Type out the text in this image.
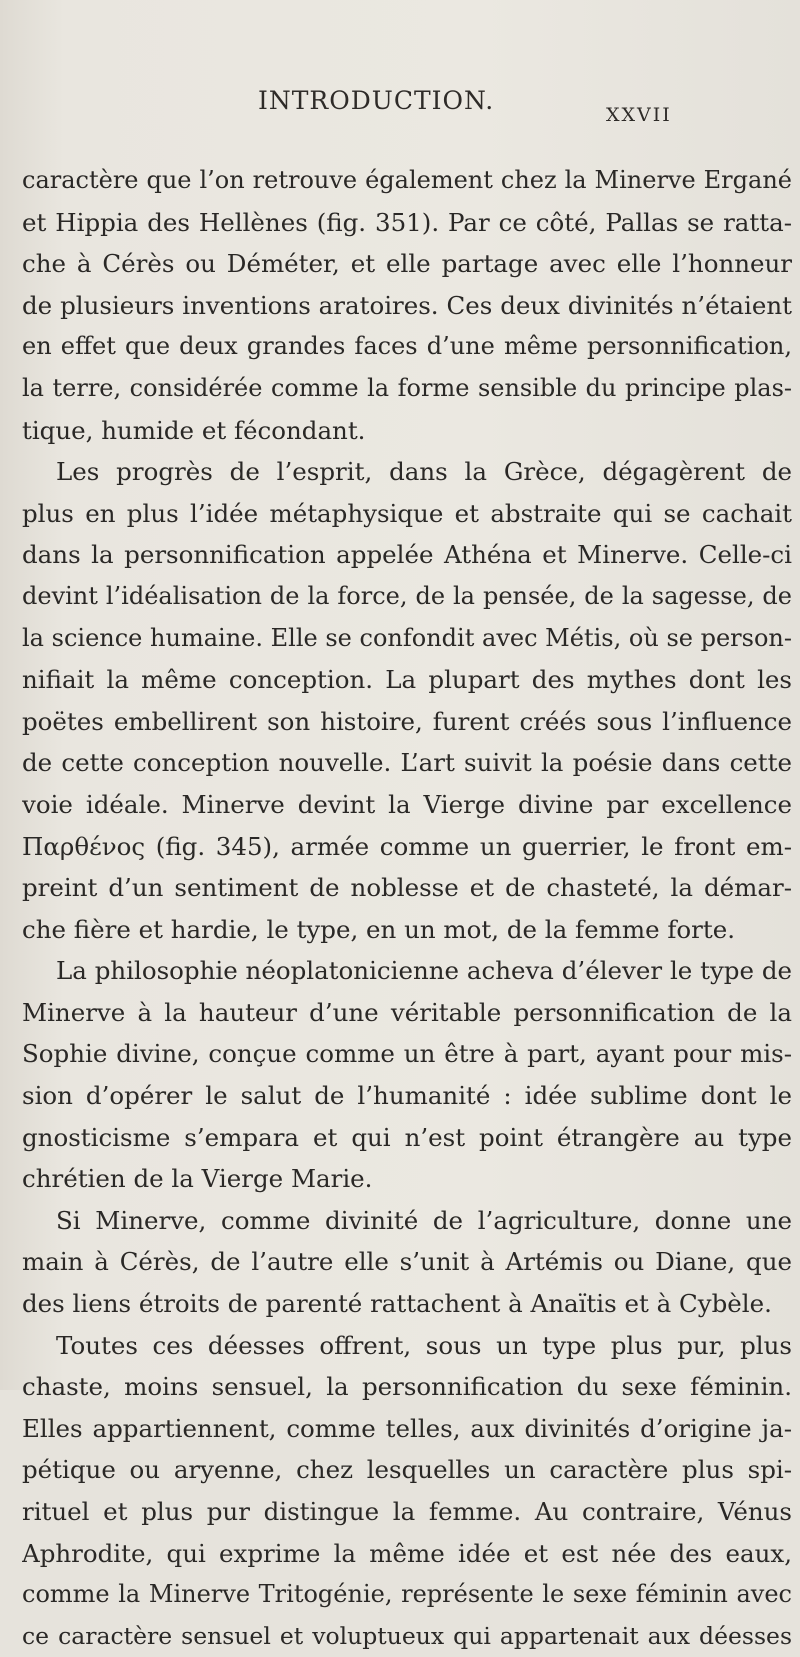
INTRODUCTION.	XXVII
caractère que l’on retrouve également chez la Minerve Ergané
et Hippia des Hellènes (fig. 351). Par ce côté, Pallas se ratta-
che à Cérès ou Déméter, et elle partage avec elle l’honneur
de plusieurs inventions aratoires. Ces deux divinités n’étaient
en effet que deux grandes faces d’une même personnification,
la terre, considérée comme la forme sensible du principe plas-
tique, humide et fécondant.
Les progrès de l’esprit, dans la Grèce, dégagèrent de
plus en plus l’idée métaphysique et abstraite qui se cachait
dans la personnification appelée Athéna et Minerve. Celle-ci
devint l’idéalisation de la force, de la pensée, de la sagesse, de
la science humaine. Elle se confondit avec Métis, où se person-
nifiait la même conception. La plupart des mythes dont les
poëtes embellirent son histoire, furent créés sous l’influence
de cette conception nouvelle. L’art suivit la poésie dans cette
voie idéale. Minerve devint la Vierge divine par excellence
Παρθένος (fig. 345), armée comme un guerrier, le front em-
preint d’un sentiment de noblesse et de chasteté, la démar-
che fière et hardie, le type, en un mot, de la femme forte.
La philosophie néoplatonicienne acheva d’élever le type de
Minerve à la hauteur d’une véritable personnification de la
Sophie divine, conçue comme un être à part, ayant pour mis-
sion d’opérer le salut de l’humanité : idée sublime dont le
gnosticisme s’empara et qui n’est point étrangère au type
chrétien de la Vierge Marie.
Si Minerve, comme divinité de l’agriculture, donne une
main à Cérès, de l’autre elle s’unit à Artémis ou Diane, que
des liens étroits de parenté rattachent à Anaïtis et à Cybèle.
Toutes ces déesses offrent, sous un type plus pur, plus
chaste, moins sensuel, la personnification du sexe féminin.
Elles appartiennent, comme telles, aux divinités d’origine ja-
pétique ou aryenne, chez lesquelles un caractère plus spi-
rituel et plus pur distingue la femme. Au contraire, Vénus
Aphrodite, qui exprime la même idée et est née des eaux,
comme la Minerve Tritogénie, représente le sexe féminin avec
ce caractère sensuel et voluptueux qui appartenait aux déesses
